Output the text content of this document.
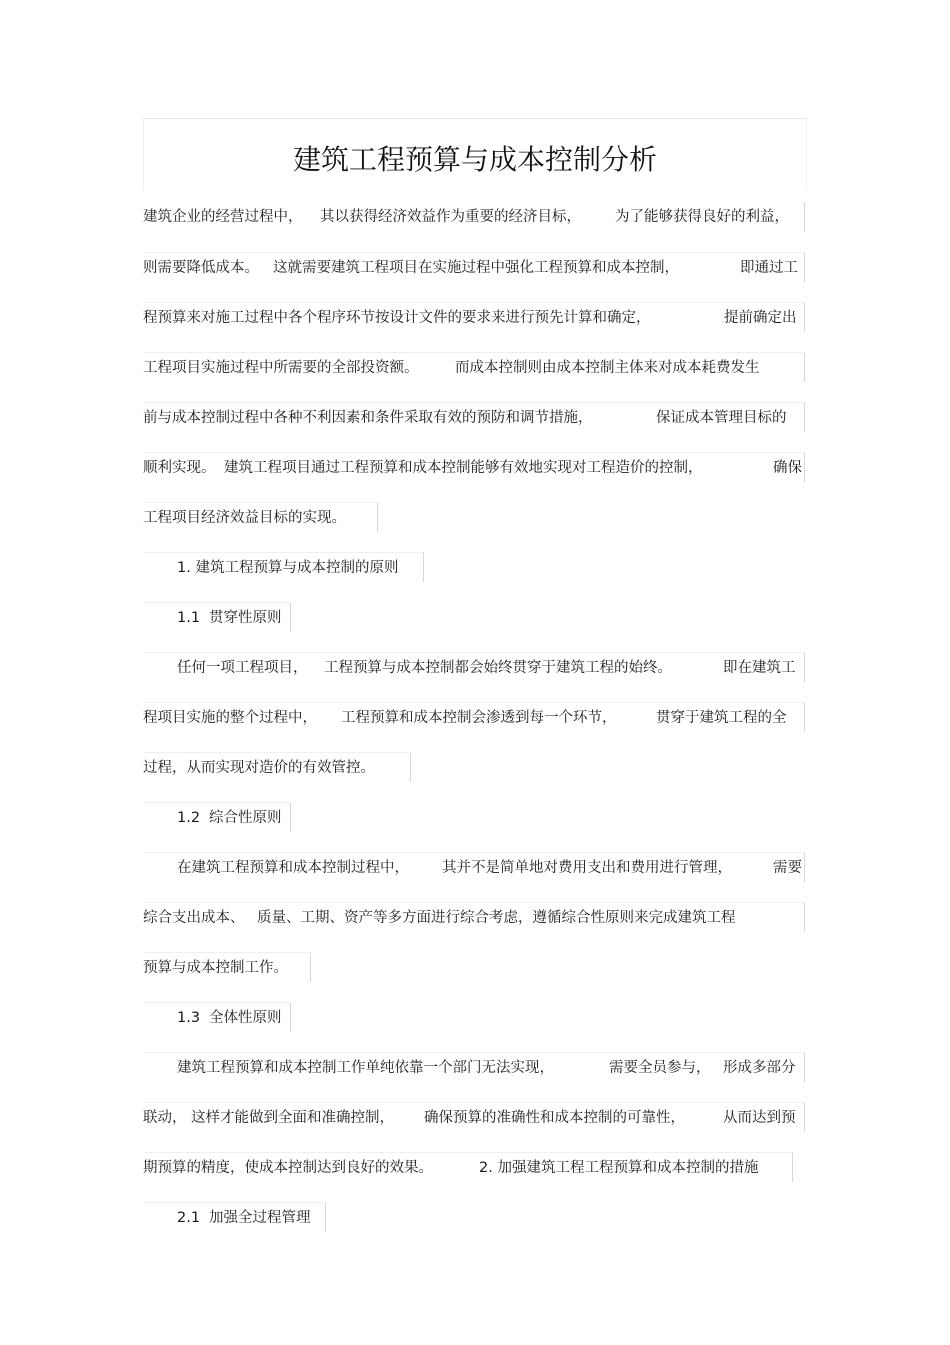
建筑工程预算与成本控制分析
建筑企业的经营过程中， 其以获得经济效益作为重要的经济目标， 为了能够获得良好的利益，
则需要降低成本。 这就需要建筑工程项目在实施过程中强化工程预算和成本控制，	即通过工
程预算来对施工过程中各个程序环节按设计文件的要求来进行预先计算和确定，	提前确定出
工程项目实施过程中所需要的全部投资额。	而成本控制则由成本控制主体来对成本耗费发生
前与成本控制过程中各种不利因素和条件采取有效的预防和调节措施，	保证成本管理目标的
顺利实现。 建筑工程项目通过工程预算和成本控制能够有效地实现对工程造价的控制，	确保
工程项目经济效益目标的实现。
1. 建筑工程预算与成本控制的原则
1.1 贯穿性原则
任何一项工程项目， 工程预算与成本控制都会始终贯穿于建筑工程的始终。	即在建筑工
程项目实施的整个过程中， 工程预算和成本控制会渗透到每一个环节，	贯穿于建筑工程的全
过程，从而实现对造价的有效管控。
1.2 综合性原则
在建筑工程预算和成本控制过程中， 其并不是简单地对费用支出和费用进行管理，	需要
综合支出成本、 质量、工期、资产等多方面进行综合考虑，遵循综合性原则来完成建筑工程
预算与成本控制工作。
1.3 全体性原则
建筑工程预算和成本控制工作单纯依靠一个部门无法实现，	需要全员参与， 形成多部分
联动， 这样才能做到全面和准确控制， 确保预算的准确性和成本控制的可靠性，	从而达到预
期预算的精度，使成本控制达到良好的效果。	2. 加强建筑工程工程预算和成本控制的措施
2.1 加强全过程管理
